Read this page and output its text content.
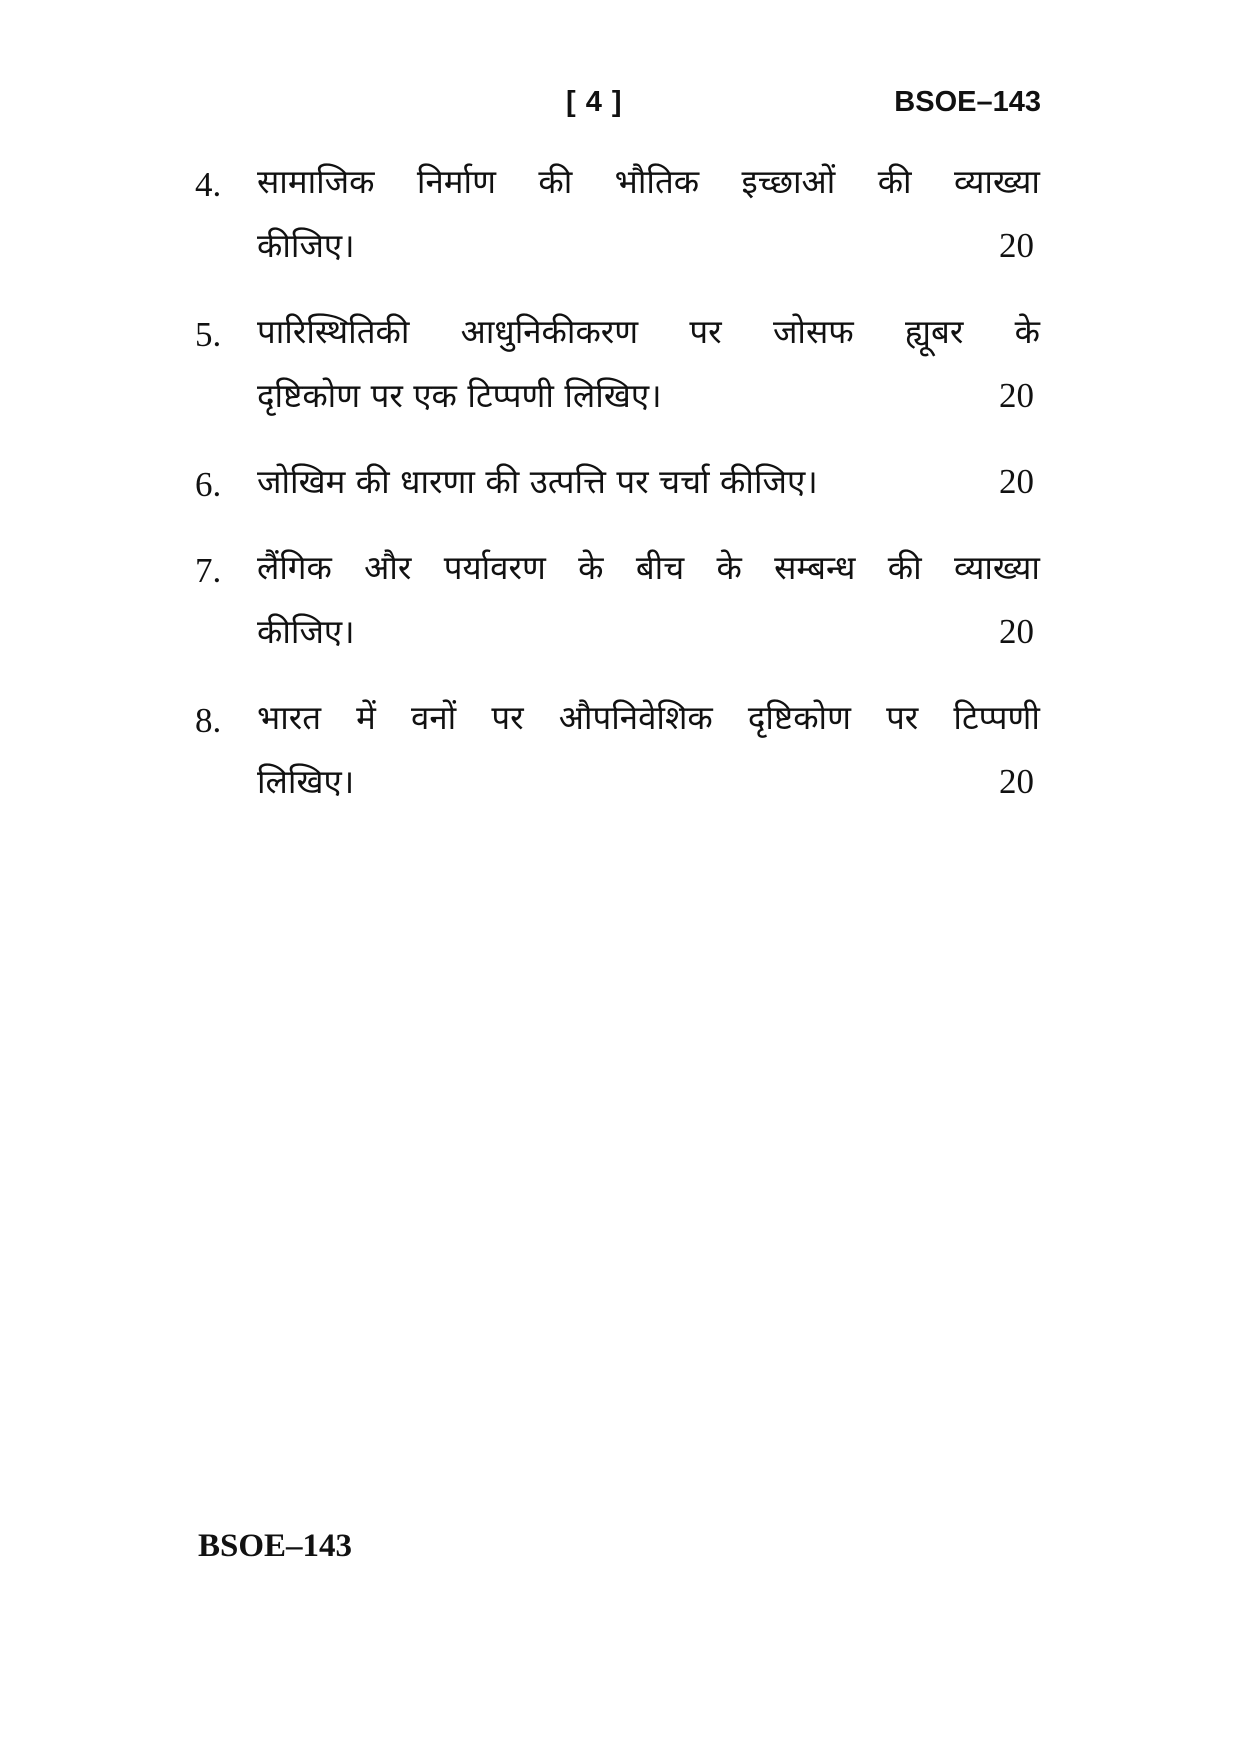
[ 4 ]	BSOE–143
4. सामाजिक निर्माण की भौतिक इच्छाओं की व्याख्या
कीजिए।	20
5. पारिस्थितिकी आधुनिकीकरण पर जोसफ ह्यूबर के
दृष्टिकोण पर एक टिप्पणी लिखिए।	20
6. जोखिम की धारणा की उत्पत्ति पर चर्चा कीजिए।	20
7. लैंगिक और पर्यावरण के बीच के सम्बन्ध की व्याख्या
कीजिए।	20
8. भारत में वनों पर औपनिवेशिक दृष्टिकोण पर टिप्पणी
लिखिए।	20
BSOE–143
